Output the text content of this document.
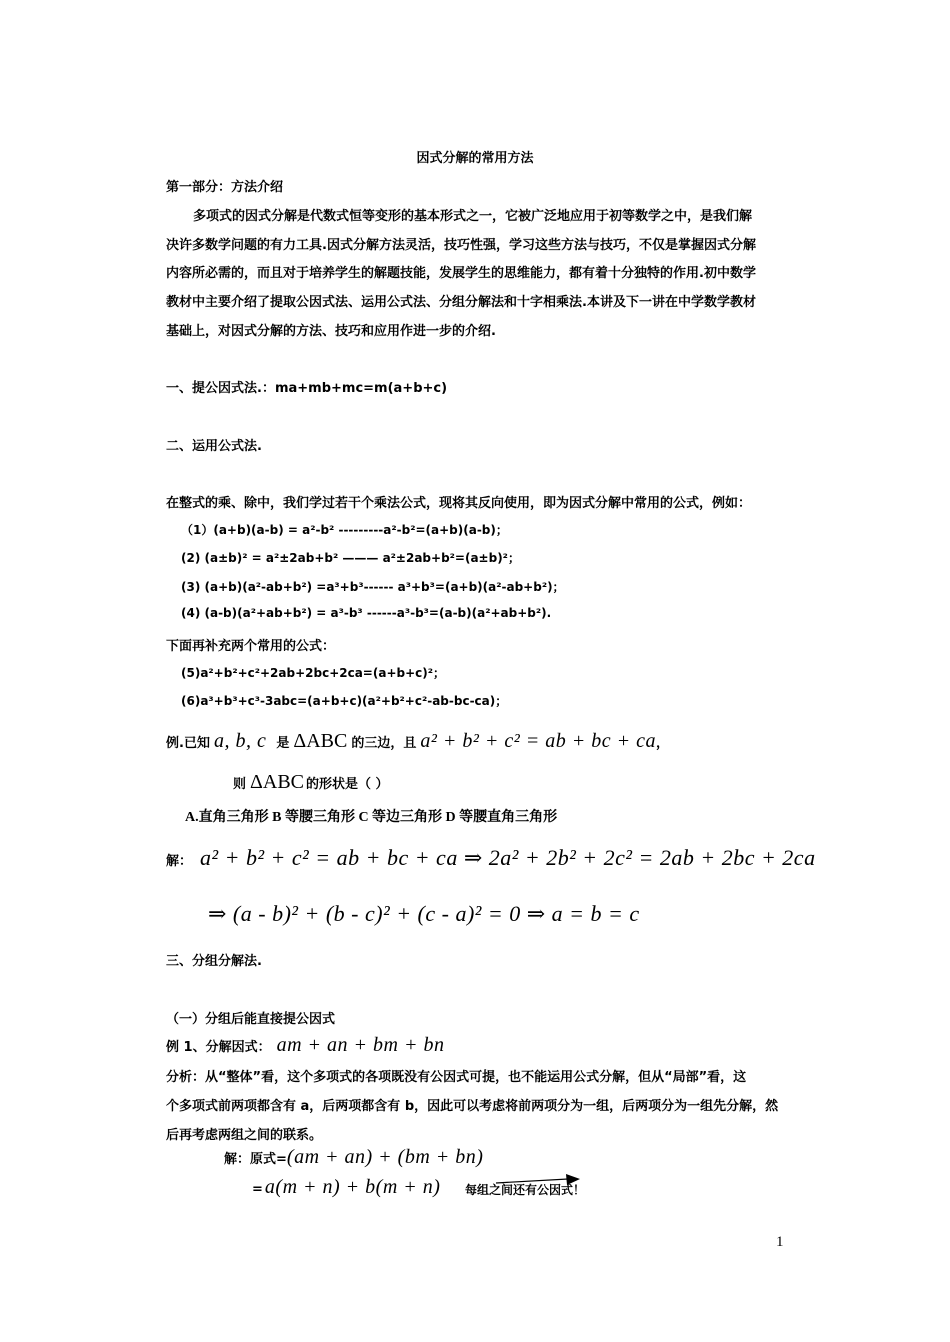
因式分解的常用方法
第一部分：方法介绍
多项式的因式分解是代数式恒等变形的基本形式之一，它被广泛地应用于初等数学之中，是我们解
决许多数学问题的有力工具.因式分解方法灵活，技巧性强，学习这些方法与技巧，不仅是掌握因式分解
内容所必需的，而且对于培养学生的解题技能，发展学生的思维能力，都有着十分独特的作用.初中数学
教材中主要介绍了提取公因式法、运用公式法、分组分解法和十字相乘法.本讲及下一讲在中学数学教材
基础上，对因式分解的方法、技巧和应用作进一步的介绍.
一、提公因式法.：ma+mb+mc=m(a+b+c)
二、运用公式法.
在整式的乘、除中，我们学过若干个乘法公式，现将其反向使用，即为因式分解中常用的公式，例如：
（1）(a+b)(a-b) = a²-b² ---------a²-b²=(a+b)(a-b)；
(2) (a±b)² = a²±2ab+b² ——— a²±2ab+b²=(a±b)²；
(3) (a+b)(a²-ab+b²) =a³+b³------ a³+b³=(a+b)(a²-ab+b²)；
(4) (a-b)(a²+ab+b²) = a³-b³ ------a³-b³=(a-b)(a²+ab+b²).
下面再补充两个常用的公式：
(5)a²+b²+c²+2ab+2bc+2ca=(a+b+c)²；
(6)a³+b³+c³-3abc=(a+b+c)(a²+b²+c²-ab-bc-ca)；
例.已知 a, b, c 是 ΔABC 的三边，且 a² + b² + c² = ab + bc + ca ，
则 ΔABC 的形状是（ ）
A.直角三角形 B 等腰三角形 C 等边三角形 D 等腰直角三角形
解： a² + b² + c² = ab + bc + ca ⇒ 2a² + 2b² + 2c² = 2ab + 2bc + 2ca
⇒ (a - b)² + (b - c)² + (c - a)² = 0 ⇒ a = b = c
三、分组分解法.
（一）分组后能直接提公因式
例 1、分解因式： am + an + bm + bn
分析：从“整体”看，这个多项式的各项既没有公因式可提，也不能运用公式分解，但从“局部”看，这
个多项式前两项都含有 a，后两项都含有 b，因此可以考虑将前两项分为一组，后两项分为一组先分解，然
后再考虑两组之间的联系。
解：原式= (am + an) + (bm + bn)
= a(m + n) + b(m + n) 每组之间还有公因式！
1
